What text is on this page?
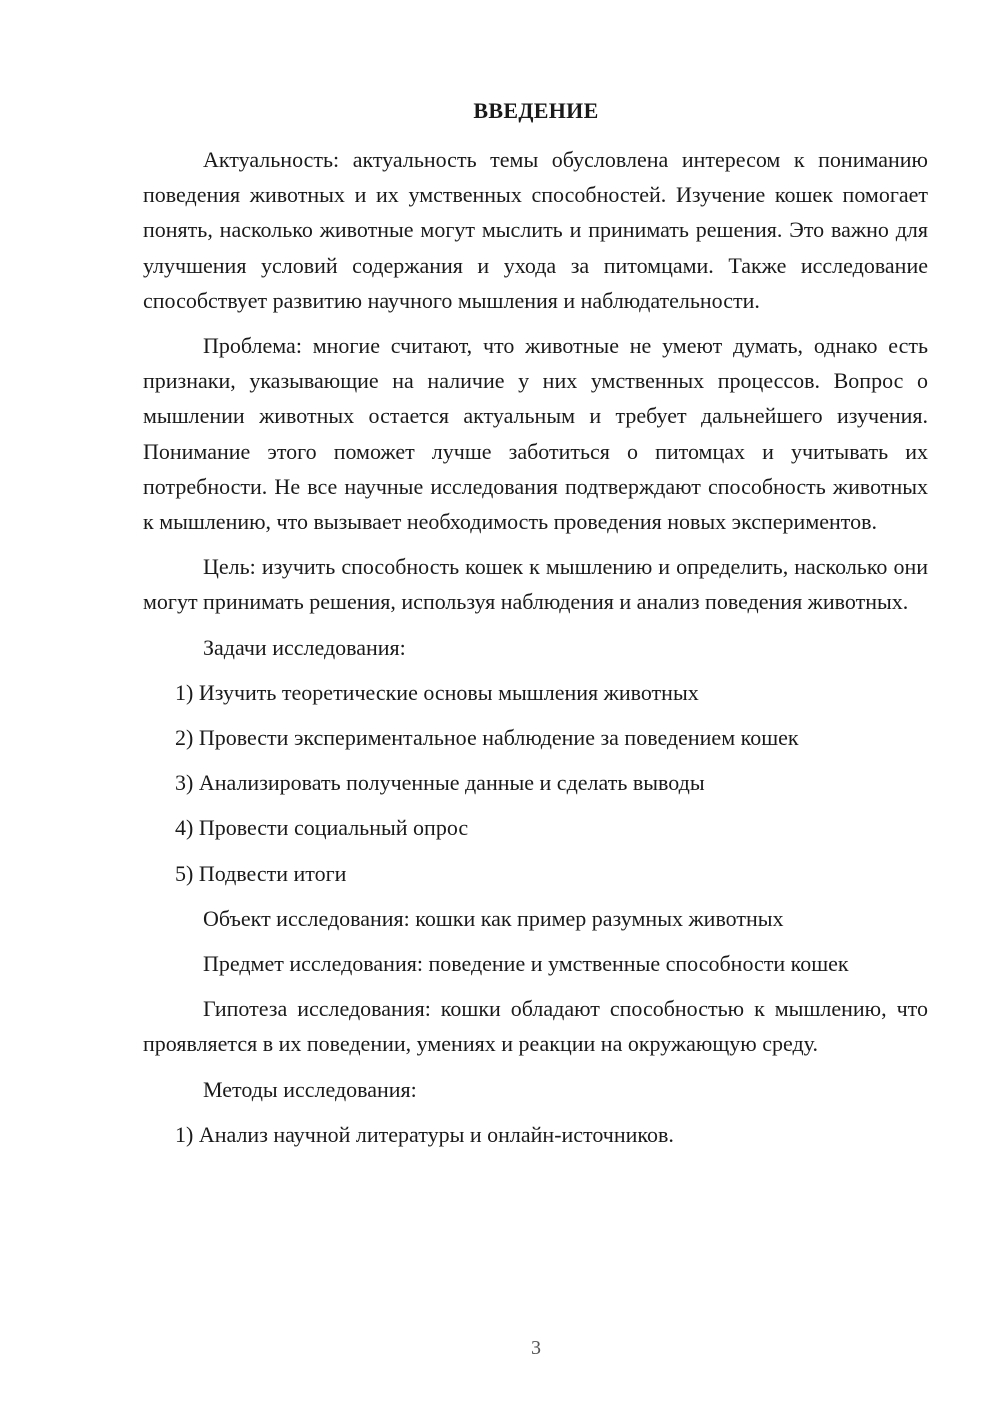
ВВЕДЕНИЕ

Актуальность: актуальность темы обусловлена интересом к пониманию поведения животных и их умственных способностей. Изучение кошек помогает понять, насколько животные могут мыслить и принимать решения. Это важно для улучшения условий содержания и ухода за питомцами. Также исследование способствует развитию научного мышления и наблюдательности.

Проблема: многие считают, что животные не умеют думать, однако есть признаки, указывающие на наличие у них умственных процессов. Вопрос о мышлении животных остается актуальным и требует дальнейшего изучения. Понимание этого поможет лучше заботиться о питомцах и учитывать их потребности. Не все научные исследования подтверждают способность животных к мышлению, что вызывает необходимость проведения новых экспериментов.

Цель: изучить способность кошек к мышлению и определить, насколько они могут принимать решения, используя наблюдения и анализ поведения животных.

Задачи исследования:

1) Изучить теоретические основы мышления животных

2) Провести экспериментальное наблюдение за поведением кошек

3) Анализировать полученные данные и сделать выводы

4) Провести социальный опрос

5) Подвести итоги

Объект исследования: кошки как пример разумных животных

Предмет исследования: поведение и умственные способности кошек

Гипотеза исследования: кошки обладают способностью к мышлению, что проявляется в их поведении, умениях и реакции на окружающую среду.

Методы исследования:

1) Анализ научной литературы и онлайн-источников.

3
